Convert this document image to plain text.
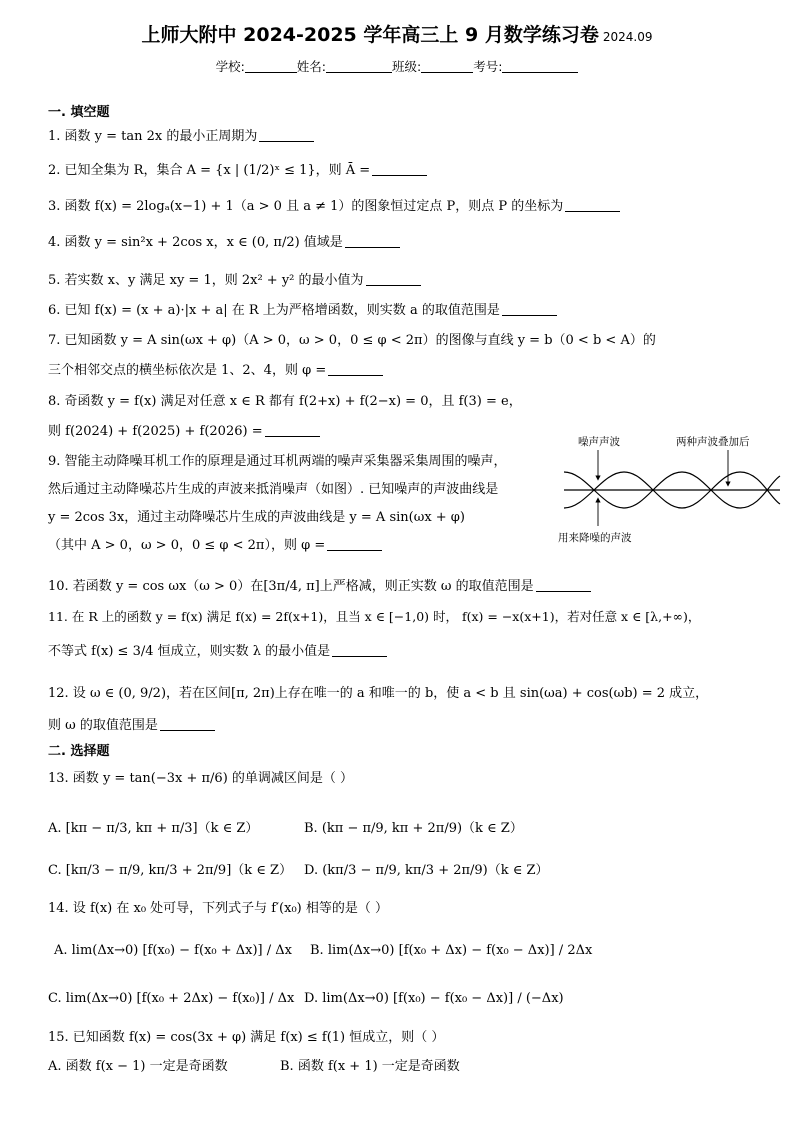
上师大附中 2024-2025 学年高三上 9 月数学练习卷 2024.09
学校:	姓名:	班级:	考号:
一. 填空题
1. 函数 y = tan 2x 的最小正周期为
2. 已知全集为 R，集合 A = {x | (1/2)ˣ ≤ 1}，则 Ā =
3. 函数 f(x) = 2logₐ(x−1) + 1（a > 0 且 a ≠ 1）的图象恒过定点 P，则点 P 的坐标为
4. 函数 y = sin²x + 2cos x，x ∈ (0, π/2) 值域是
5. 若实数 x、y 满足 xy = 1，则 2x² + y² 的最小值为
6. 已知 f(x) = (x + a)·|x + a| 在 R 上为严格增函数，则实数 a 的取值范围是
7. 已知函数 y = A sin(ωx + φ)（A > 0，ω > 0，0 ≤ φ < 2π）的图像与直线 y = b（0 < b < A）的
三个相邻交点的横坐标依次是 1、2、4，则 φ =
8. 奇函数 y = f(x) 满足对任意 x ∈ R 都有 f(2+x) + f(2−x) = 0，且 f(3) = e，
则 f(2024) + f(2025) + f(2026) =
9. 智能主动降噪耳机工作的原理是通过耳机两端的噪声采集器采集周围的噪声，
然后通过主动降噪芯片生成的声波来抵消噪声（如图）. 已知噪声的声波曲线是
y = 2cos 3x，通过主动降噪芯片生成的声波曲线是 y = A sin(ωx + φ)
（其中 A > 0，ω > 0，0 ≤ φ < 2π），则 φ =
噪声声波	两种声波叠加后
用来降噪的声波
10. 若函数 y = cos ωx（ω > 0）在[3π/4, π]上严格减，则正实数 ω 的取值范围是
11. 在 R 上的函数 y = f(x) 满足 f(x) = 2f(x+1)，且当 x ∈ [−1,0) 时， f(x) = −x(x+1)，若对任意 x ∈ [λ,+∞)，
不等式 f(x) ≤ 3/4 恒成立，则实数 λ 的最小值是
12. 设 ω ∈ (0, 9/2)，若在区间[π, 2π)上存在唯一的 a 和唯一的 b，使 a < b 且 sin(ωa) + cos(ωb) = 2 成立，
则 ω 的取值范围是
二. 选择题
13. 函数 y = tan(−3x + π/6) 的单调减区间是（ ）
A. [kπ − π/3, kπ + π/3]（k ∈ Z）	B. (kπ − π/9, kπ + 2π/9)（k ∈ Z）
C. [kπ/3 − π/9, kπ/3 + 2π/9]（k ∈ Z） D. (kπ/3 − π/9, kπ/3 + 2π/9)（k ∈ Z）
14. 设 f(x) 在 x₀ 处可导，下列式子与 f′(x₀) 相等的是（ ）
A. lim(Δx→0) [f(x₀) − f(x₀ + Δx)] / Δx B. lim(Δx→0) [f(x₀ + Δx) − f(x₀ − Δx)] / 2Δx
C. lim(Δx→0) [f(x₀ + 2Δx) − f(x₀)] / Δx D. lim(Δx→0) [f(x₀) − f(x₀ − Δx)] / (−Δx)
15. 已知函数 f(x) = cos(3x + φ) 满足 f(x) ≤ f(1) 恒成立，则（ ）
A. 函数 f(x − 1) 一定是奇函数	B. 函数 f(x + 1) 一定是奇函数
